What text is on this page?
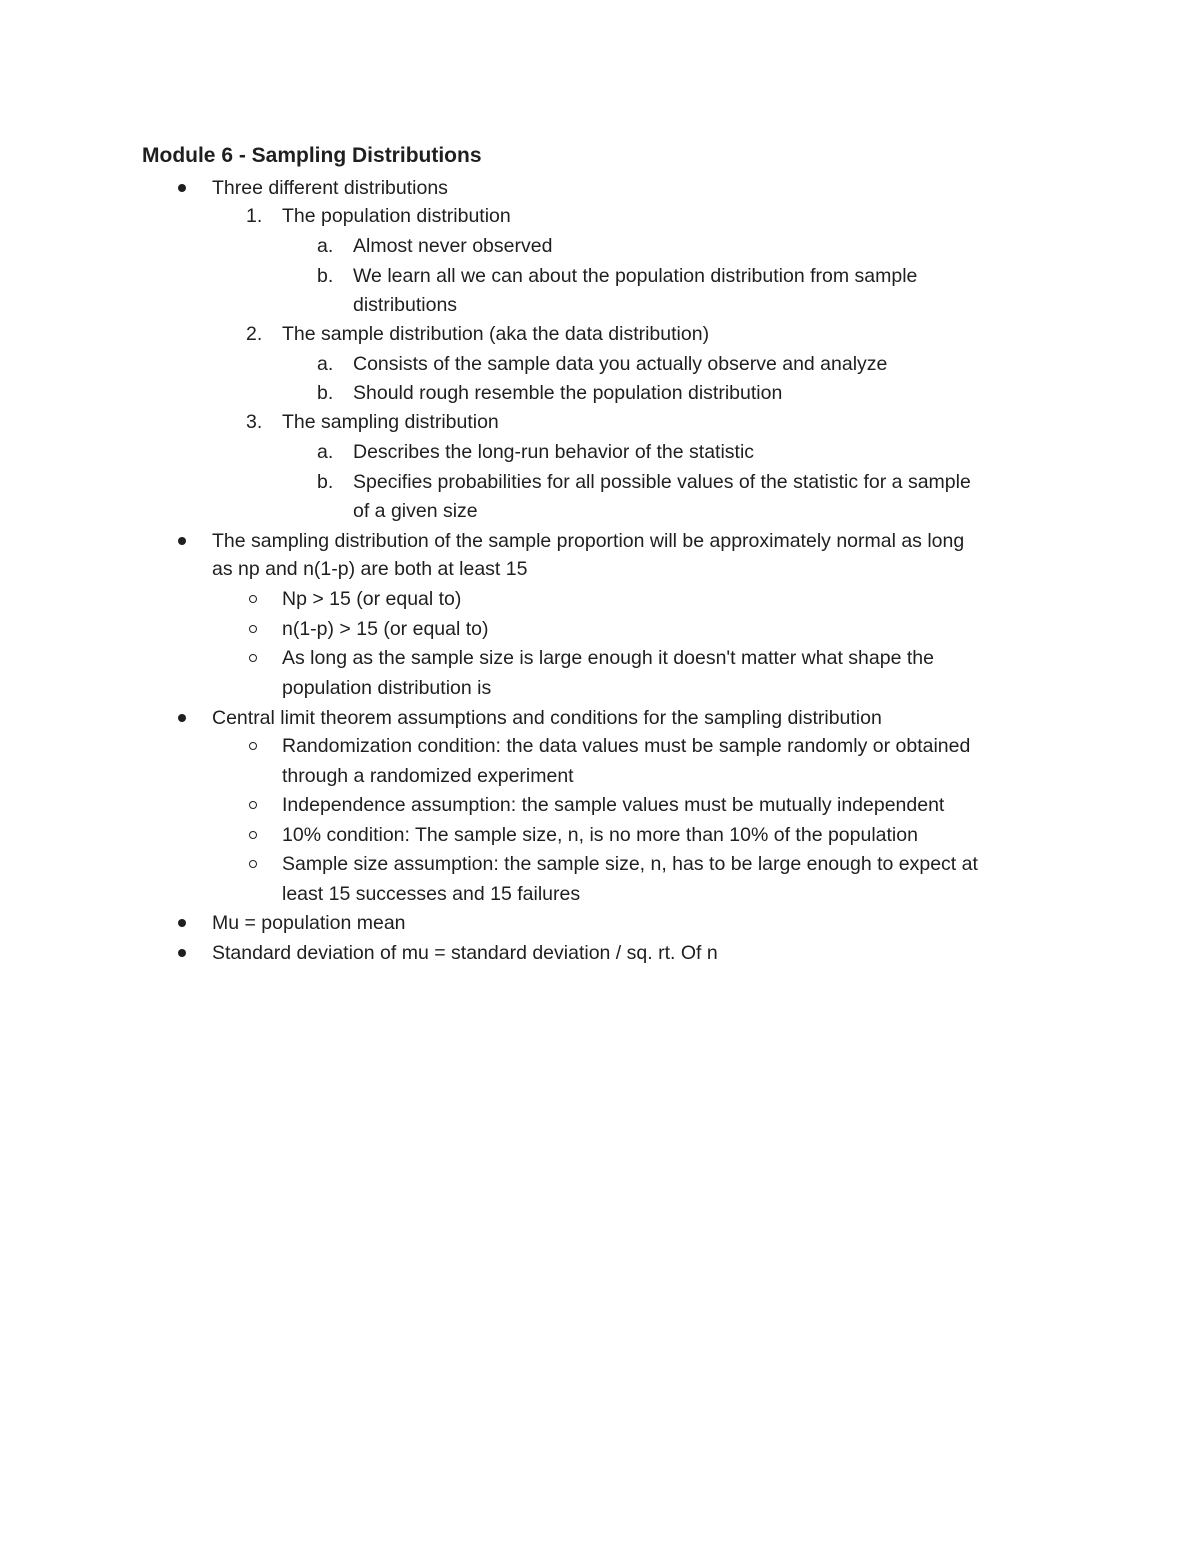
Module 6 - Sampling Distributions
Three different distributions
1. The population distribution
a. Almost never observed
b. We learn all we can about the population distribution from sample
distributions
2. The sample distribution (aka the data distribution)
a. Consists of the sample data you actually observe and analyze
b. Should rough resemble the population distribution
3. The sampling distribution
a. Describes the long-run behavior of the statistic
b. Specifies probabilities for all possible values of the statistic for a sample
of a given size
The sampling distribution of the sample proportion will be approximately normal as long
as np and n(1-p) are both at least 15
Np > 15 (or equal to)
n(1-p) > 15 (or equal to)
As long as the sample size is large enough it doesn't matter what shape the
population distribution is
Central limit theorem assumptions and conditions for the sampling distribution
Randomization condition: the data values must be sample randomly or obtained
through a randomized experiment
Independence assumption: the sample values must be mutually independent
10% condition: The sample size, n, is no more than 10% of the population
Sample size assumption: the sample size, n, has to be large enough to expect at
least 15 successes and 15 failures
Mu = population mean
Standard deviation of mu = standard deviation / sq. rt. Of n
